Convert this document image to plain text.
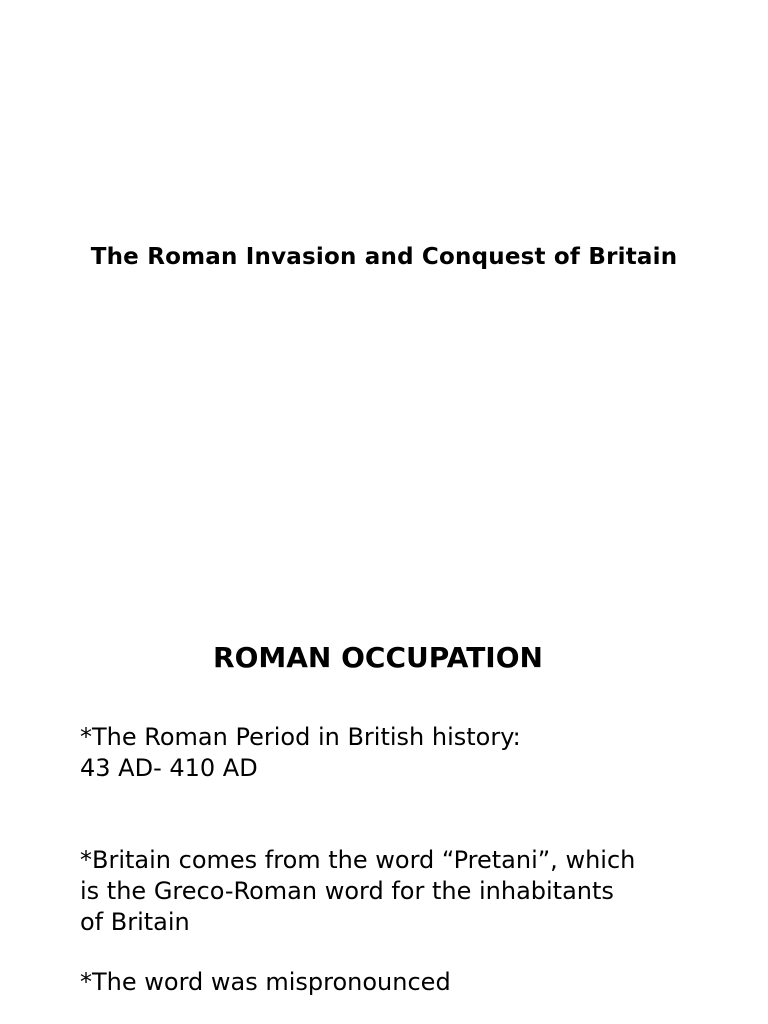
The Roman Invasion and Conquest of Britain
ROMAN OCCUPATION

*The Roman Period in British history:
43 AD- 410 AD

*Britain comes from the word “Pretani”, which
is the Greco-Roman word for the inhabitants
of Britain

*The word was mispronounced
